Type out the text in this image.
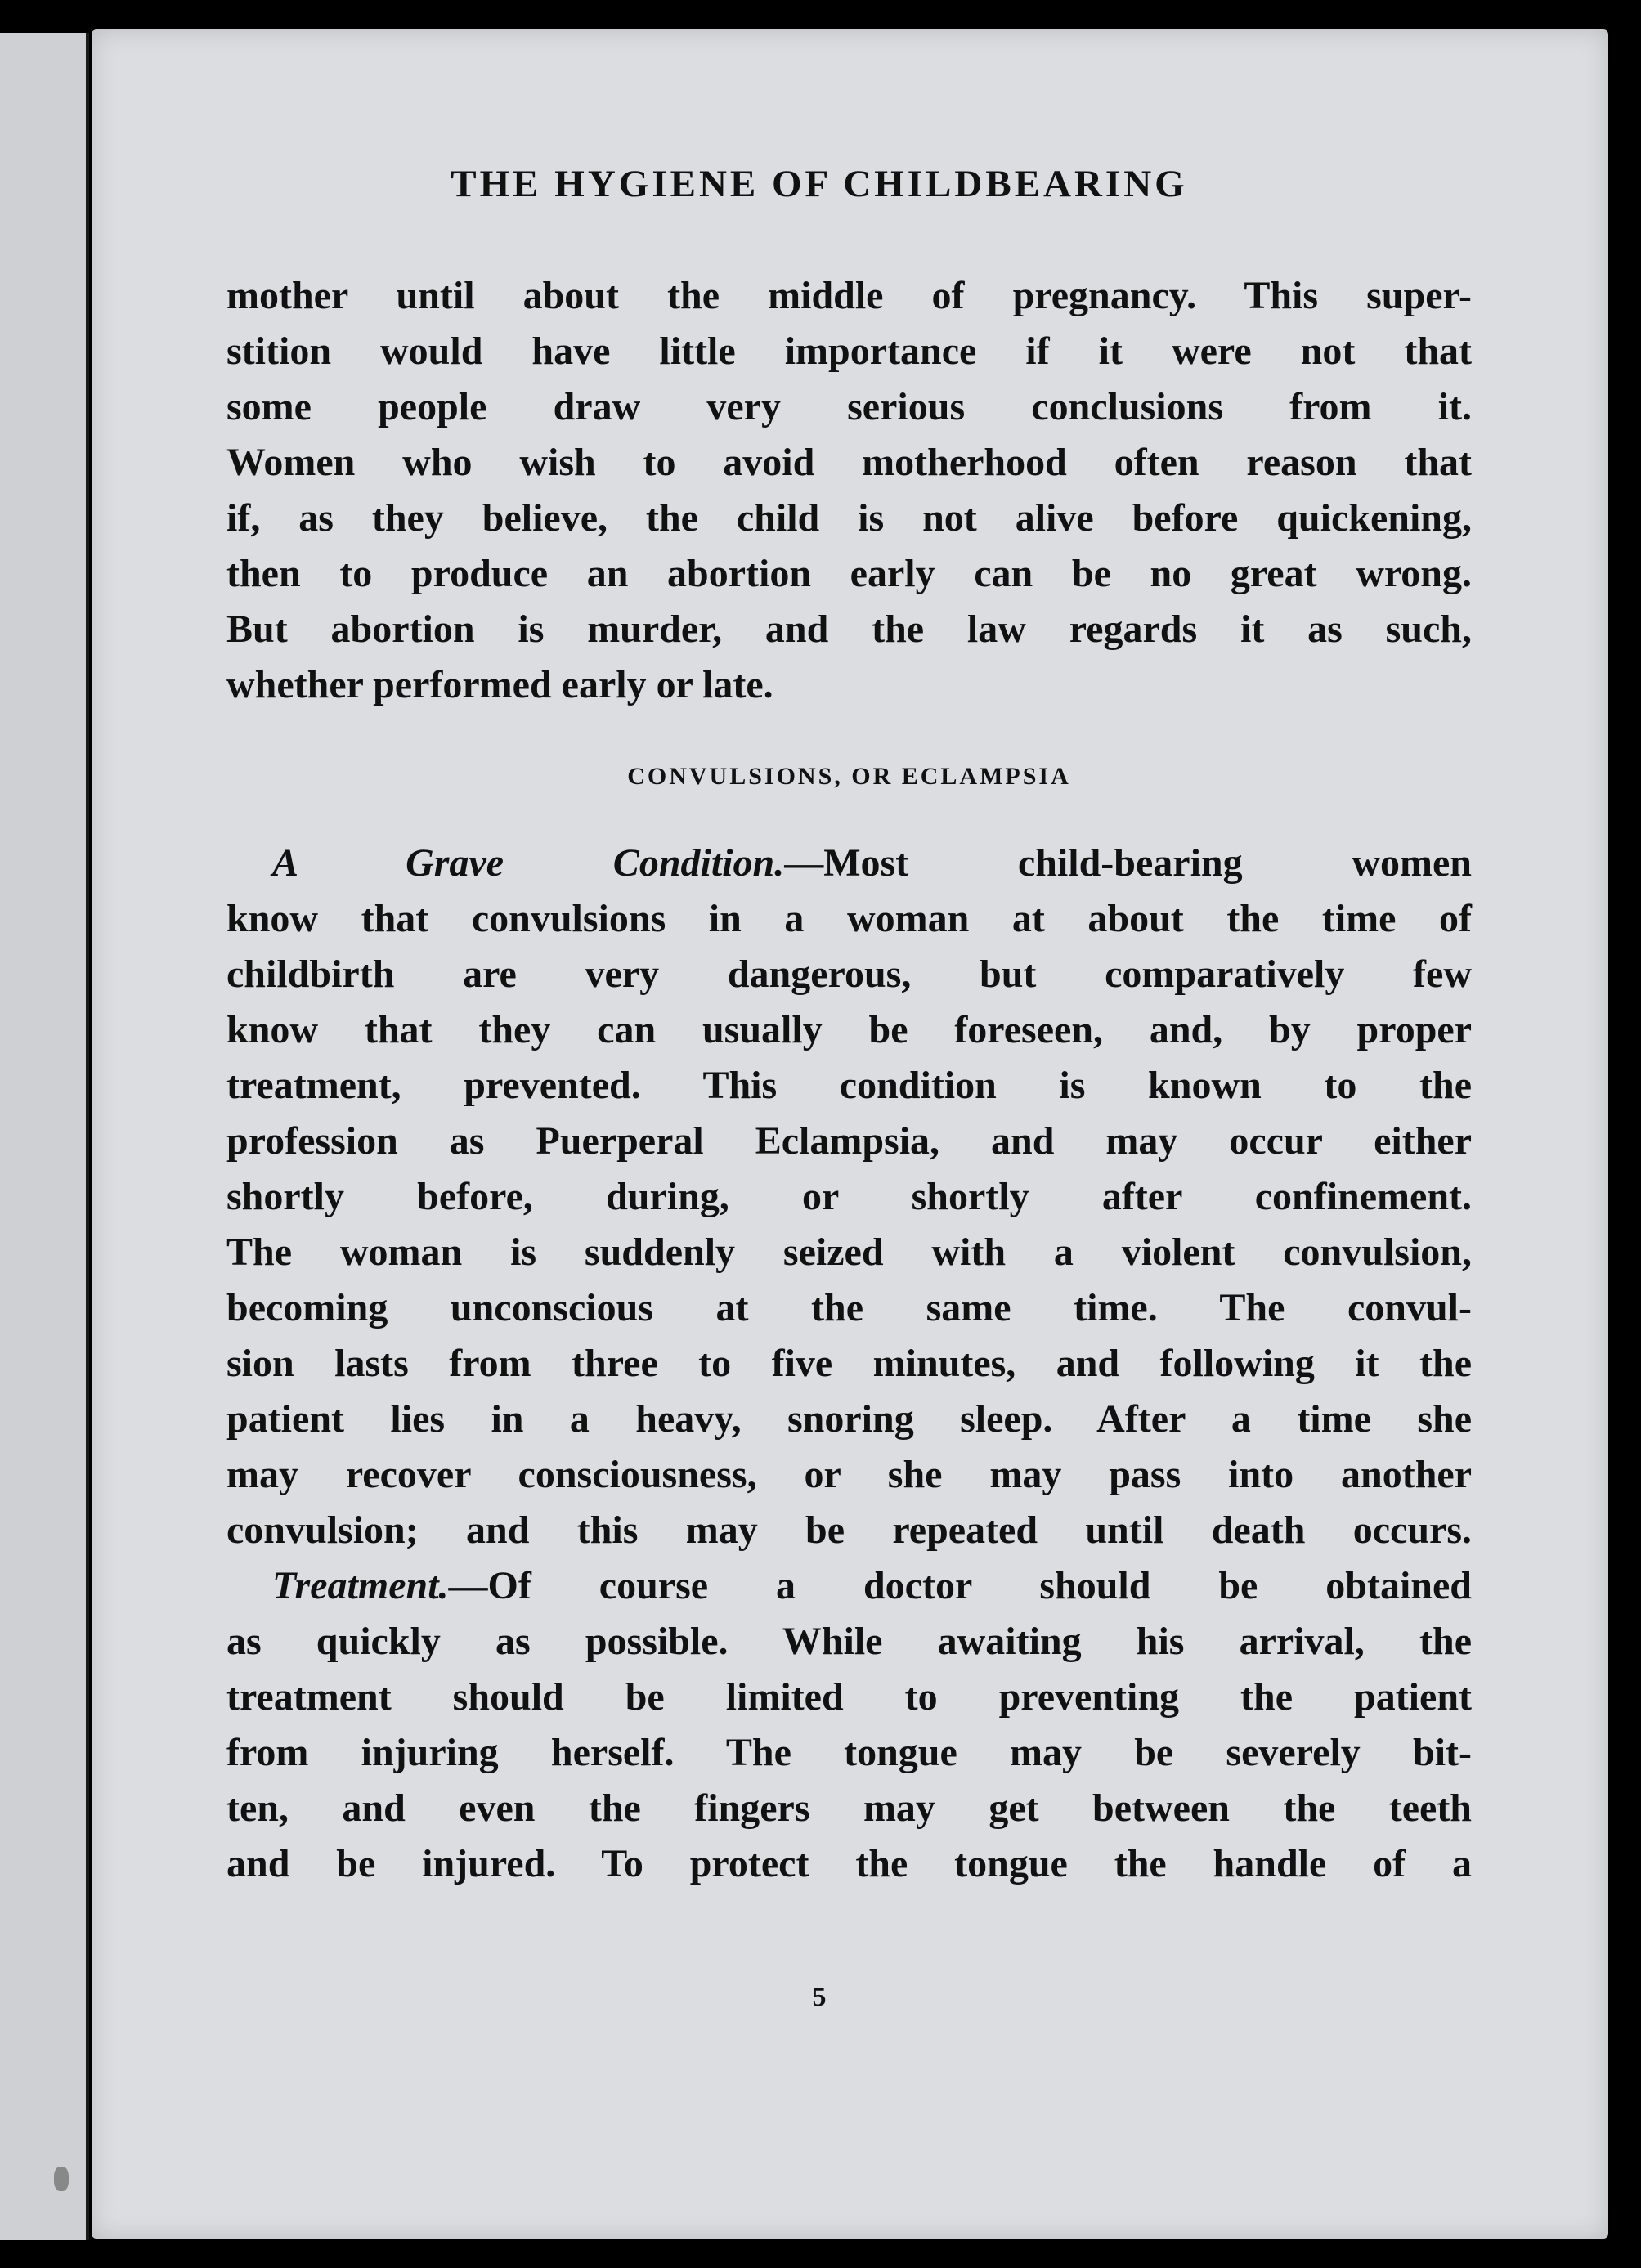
THE HYGIENE OF CHILDBEARING
mother until about the middle of pregnancy. This super-
stition would have little importance if it were not that
some people draw very serious conclusions from it.
Women who wish to avoid motherhood often reason that
if, as they believe, the child is not alive before quickening,
then to produce an abortion early can be no great wrong.
But abortion is murder, and the law regards it as such,
whether performed early or late.
CONVULSIONS, OR ECLAMPSIA
A Grave Condition.—Most child-bearing women
know that convulsions in a woman at about the time of
childbirth are very dangerous, but comparatively few
know that they can usually be foreseen, and, by proper
treatment, prevented. This condition is known to the
profession as Puerperal Eclampsia, and may occur either
shortly before, during, or shortly after confinement.
The woman is suddenly seized with a violent convulsion,
becoming unconscious at the same time. The convul-
sion lasts from three to five minutes, and following it the
patient lies in a heavy, snoring sleep. After a time she
may recover consciousness, or she may pass into another
convulsion; and this may be repeated until death occurs.
Treatment.—Of course a doctor should be obtained
as quickly as possible. While awaiting his arrival, the
treatment should be limited to preventing the patient
from injuring herself. The tongue may be severely bit-
ten, and even the fingers may get between the teeth
and be injured. To protect the tongue the handle of a
5
